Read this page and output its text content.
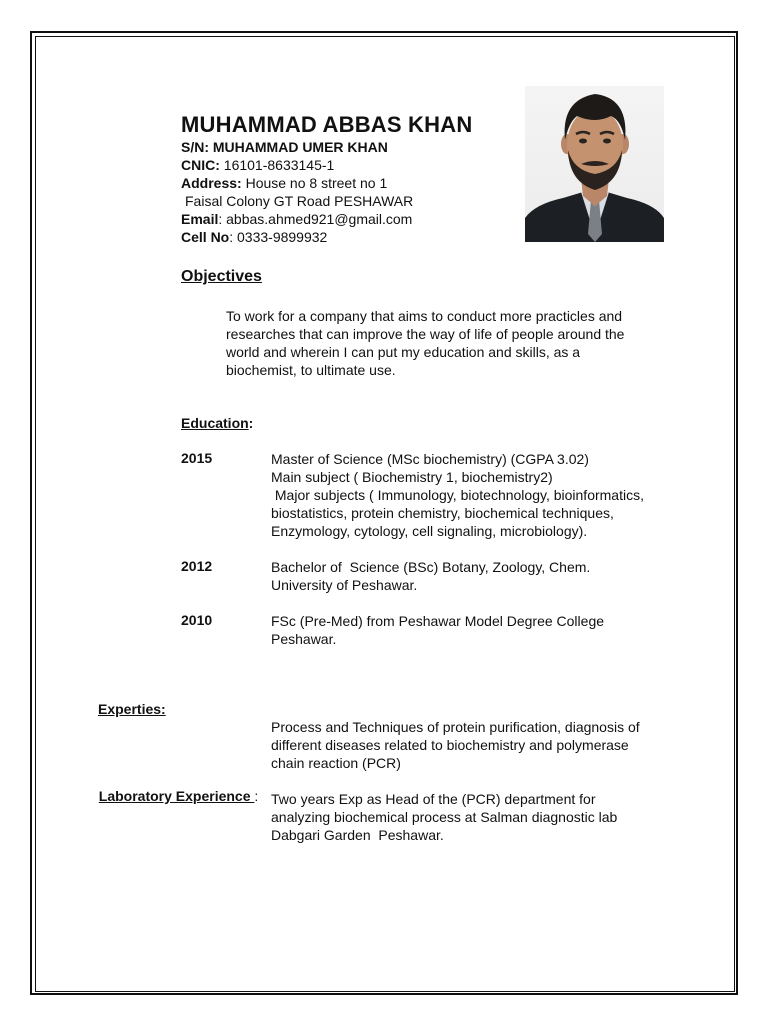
MUHAMMAD ABBAS KHAN
S/N: MUHAMMAD UMER KHAN
CNIC: 16101-8633145-1
Address: House no 8 street no 1
Faisal Colony GT Road PESHAWAR
Email: abbas.ahmed921@gmail.com
Cell No: 0333-9899932
Objectives
To work for a company that aims to conduct more practicles and
researches that can improve the way of life of people around the
world and wherein I can put my education and skills, as a
biochemist, to ultimate use.
Education:
2015	Master of Science (MSc biochemistry) (CGPA 3.02)
Main subject ( Biochemistry 1, biochemistry2)
Major subjects ( Immunology, biotechnology, bioinformatics,
biostatistics, protein chemistry, biochemical techniques,
Enzymology, cytology, cell signaling, microbiology).
2012	Bachelor of  Science (BSc) Botany, Zoology, Chem.
University of Peshawar.
2010	FSc (Pre-Med) from Peshawar Model Degree College
Peshawar.
Experties:
Process and Techniques of protein purification, diagnosis of
different diseases related to biochemistry and polymerase
chain reaction (PCR)

Laboratory Experience : Two years Exp as Head of the (PCR) department for
analyzing biochemical process at Salman diagnostic lab
Dabgari Garden  Peshawar.
